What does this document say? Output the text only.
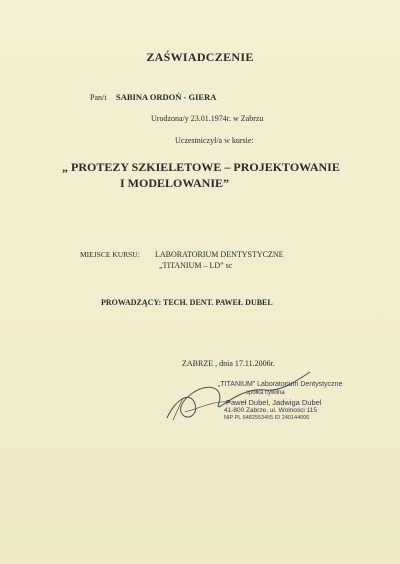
ZAŚWIADCZENIE
Pan/i SABINA ORDOŃ - GIERA
Urodzona/y 23.01.1974r. w Zabrzu
Uczestniczył/a w kursie:
„ PROTEZY SZKIELETOWE – PROJEKTOWANIE
I MODELOWANIE”
MIEJSCE KURSU: LABORATORIUM DENTYSTYCZNE
„TITANIUM – LD” sc
PROWADZĄCY: TECH. DENT. PAWEŁ DUBEL
ZABRZE , dnia 17.11.2006r.
„TITANIUM” Laboratorium Dentystyczne
spółka cywilna
Paweł Dubel, Jadwiga Dubel
41-800 Zabrze, ul. Wolności 115
NIP PL 6482553455 ID 240144006
